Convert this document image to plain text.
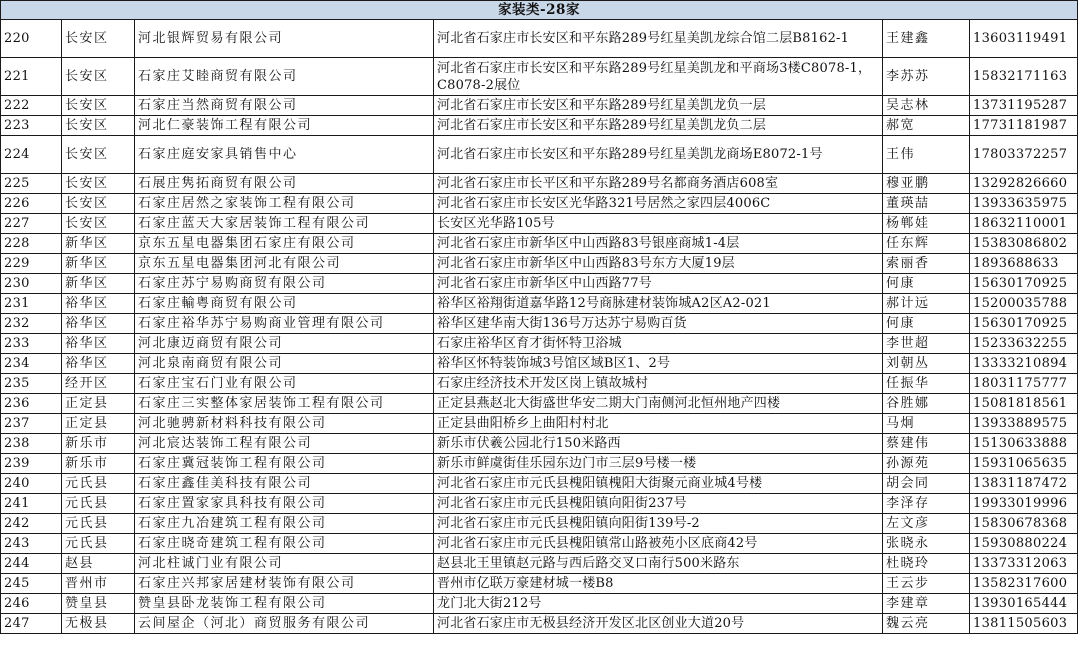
家装类-28家					
220	长安区	河北银辉贸易有限公司	河北省石家庄市长安区和平东路289号红星美凯龙综合馆二层B8162-1	王建鑫	13603119491
221	长安区	石家庄艾睦商贸有限公司	河北省石家庄市长安区和平东路289号红星美凯龙和平商场3楼C8078-1，C8078-2展位	李苏苏	15832171163
222	长安区	石家庄当然商贸有限公司	河北省石家庄市长安区和平东路289号红星美凯龙负一层	吴志林	13731195287
223	长安区	河北仁豪装饰工程有限公司	河北省石家庄市长安区和平东路289号红星美凯龙负二层	郝宽	17731181987
224	长安区	石家庄庭安家具销售中心	河北省石家庄市长安区和平东路289号红星美凯龙商场E8072-1号	王伟	17803372257
225	长安区	石展庄隽拓商贸有限公司	河北省石家庄市长平区和平东路289号名都商务酒店608室	穆亚鹏	13292826660
226	长安区	石家庄居然之家装饰工程有限公司	河北省石家庄市长安区光华路321号居然之家四层4006C	董瑛喆	13933635975
227	长安区	石家庄蓝天大家居装饰工程有限公司	长安区光华路105号	杨郸娃	18632110001
228	新华区	京东五星电器集团石家庄有限公司	河北省石家庄市新华区中山西路83号银座商城1-4层	任东辉	15383086802
229	新华区	京东五星电器集团河北有限公司	河北省石家庄市新华区中山西路83号东方大厦19层	索丽香	1893688633
230	新华区	石家庄苏宁易购商贸有限公司	河北省石家庄市新华区中山西路77号	何康	15630170925
231	裕华区	石家庄輸粤商贸有限公司	裕华区裕翔街道嘉华路12号商脉建材装饰城A2区A2-021	郝计远	15200035788
232	裕华区	石家庄裕华苏宁易购商业管理有限公司	裕华区建华南大街136号万达苏宁易购百货	何康	15630170925
233	裕华区	河北康迈商贸有限公司	石家庄裕华区育才街怀特卫浴城	李世超	15233632255
234	裕华区	河北泉南商贸有限公司	裕华区怀特装饰城3号馆区域B区1、2号	刘朝丛	13333210894
235	经开区	石家庄宝石门业有限公司	石家庄经济技术开发区岗上镇故城村	任振华	18031175777
236	正定县	石家庄三实整体家居装饰工程有限公司	正定县燕赵北大街盛世华安二期大门南侧河北恒州地产四楼	谷胜娜	15081818561
237	正定县	河北驰骋新材料科技有限公司	正定县曲阳桥乡上曲阳村村北	马炯	13933889575
238	新乐市	河北宸达装饰工程有限公司	新乐市伏羲公园北行150米路西	蔡建伟	15130633888
239	新乐市	石家庄冀冠装饰工程有限公司	新乐市鲜虞街佳乐园东边门市三层9号楼一楼	孙源苑	15931065635
240	元氏县	石家庄鑫佳美科技有限公司	河北省石家庄市元氏县槐阳镇槐阳大街聚元商业城4号楼	胡会同	13831187472
241	元氏县	石家庄置家家具科技有限公司	河北省石家庄市元氏县槐阳镇向阳街237号	李泽存	19933019996
242	元氏县	石家庄九冶建筑工程有限公司	河北省石家庄市元氏县槐阳镇向阳街139号-2	左文彦	15830678368
243	元氏县	石家庄晓奇建筑工程有限公司	河北省石家庄市元氏县槐阳镇常山路被苑小区底商42号	张晓永	15930880224
244	赵县	河北柱诚门业有限公司	赵县北王里镇赵元路与西后路交叉口南行500米路东	杜晓玲	13373312063
245	晋州市	石家庄兴邦家居建材装饰有限公司	晋州市亿联万豪建材城一楼B8	王云步	13582317600
246	赞皇县	赞皇县卧龙装饰工程有限公司	龙门北大街212号	李建章	13930165444
247	无极县	云间屋企（河北）商贸服务有限公司	河北省石家庄市无极县经济开发区北区创业大道20号	魏云亮	13811505603
